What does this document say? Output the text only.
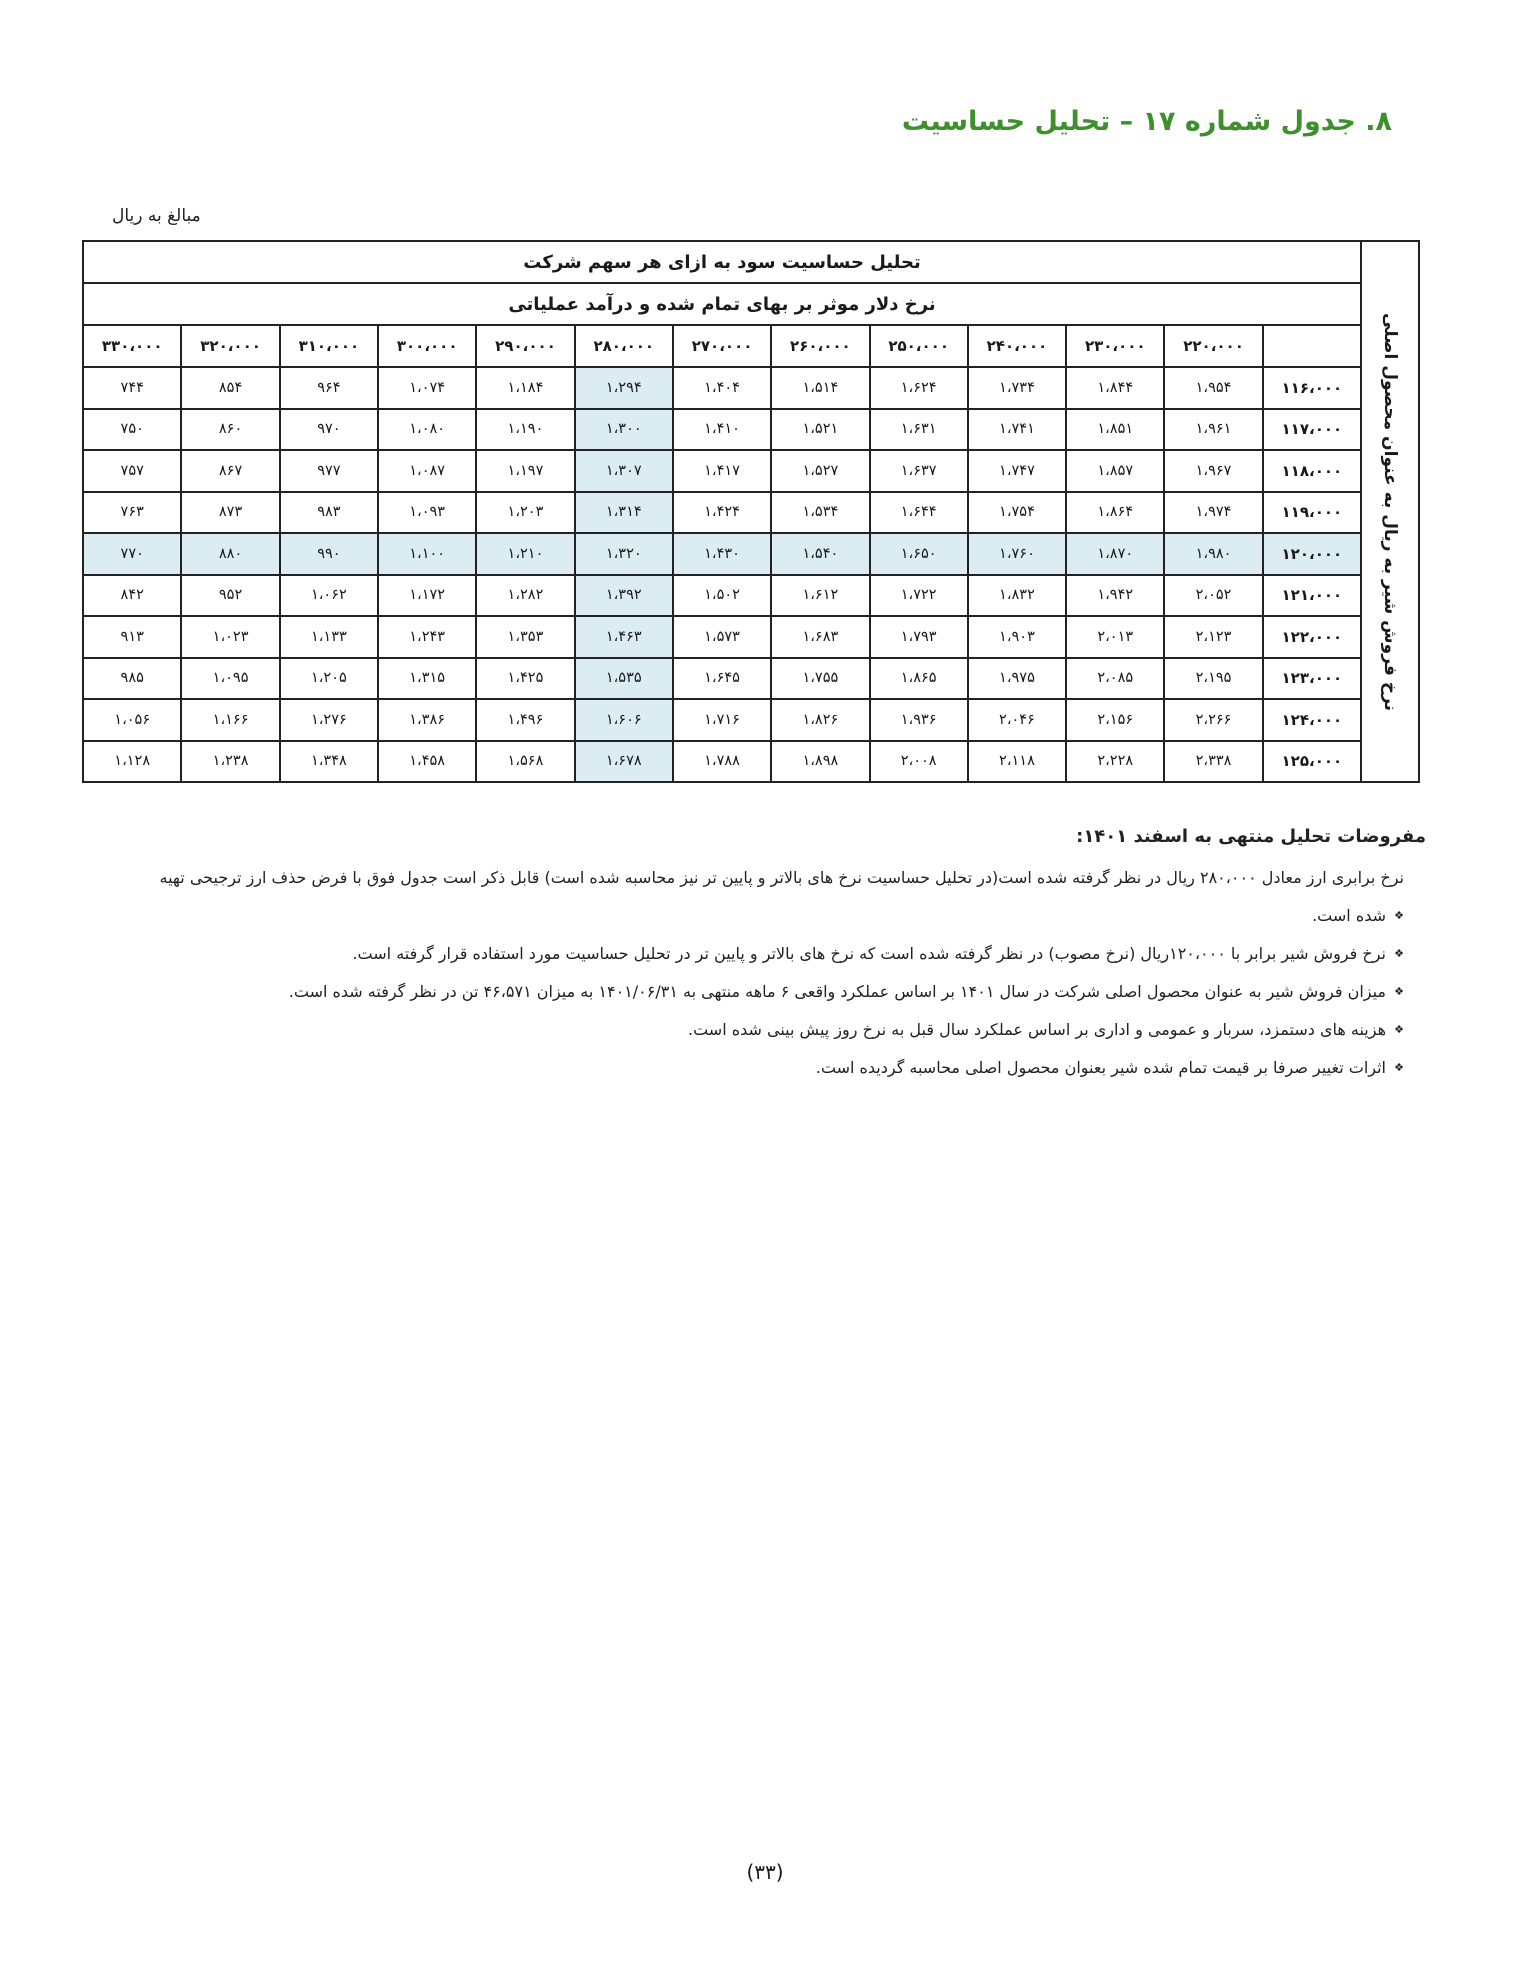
۸. جدول شماره ۱۷ – تحلیل حساسیت
مبالغ به ریال
نرخ فروش شیر به ریال به عنوان محصول اصلی	تحلیل حساسیت سود به ازای هر سهم شرکت												
	نرخ دلار موثر بر بهای تمام شده و درآمد عملیاتی												
		۲۲۰،۰۰۰	۲۳۰،۰۰۰	۲۴۰،۰۰۰	۲۵۰،۰۰۰	۲۶۰،۰۰۰	۲۷۰،۰۰۰	۲۸۰،۰۰۰	۲۹۰،۰۰۰	۳۰۰،۰۰۰	۳۱۰،۰۰۰	۳۲۰،۰۰۰	۳۳۰،۰۰۰
	۱۱۶،۰۰۰	۱،۹۵۴	۱،۸۴۴	۱،۷۳۴	۱،۶۲۴	۱،۵۱۴	۱،۴۰۴	۱،۲۹۴	۱،۱۸۴	۱،۰۷۴	۹۶۴	۸۵۴	۷۴۴
	۱۱۷،۰۰۰	۱،۹۶۱	۱،۸۵۱	۱،۷۴۱	۱،۶۳۱	۱،۵۲۱	۱،۴۱۰	۱،۳۰۰	۱،۱۹۰	۱،۰۸۰	۹۷۰	۸۶۰	۷۵۰
	۱۱۸،۰۰۰	۱،۹۶۷	۱،۸۵۷	۱،۷۴۷	۱،۶۳۷	۱،۵۲۷	۱،۴۱۷	۱،۳۰۷	۱،۱۹۷	۱،۰۸۷	۹۷۷	۸۶۷	۷۵۷
	۱۱۹،۰۰۰	۱،۹۷۴	۱،۸۶۴	۱،۷۵۴	۱،۶۴۴	۱،۵۳۴	۱،۴۲۴	۱،۳۱۴	۱،۲۰۳	۱،۰۹۳	۹۸۳	۸۷۳	۷۶۳
	۱۲۰،۰۰۰	۱،۹۸۰	۱،۸۷۰	۱،۷۶۰	۱،۶۵۰	۱،۵۴۰	۱،۴۳۰	۱،۳۲۰	۱،۲۱۰	۱،۱۰۰	۹۹۰	۸۸۰	۷۷۰
	۱۲۱،۰۰۰	۲،۰۵۲	۱،۹۴۲	۱،۸۳۲	۱،۷۲۲	۱،۶۱۲	۱،۵۰۲	۱،۳۹۲	۱،۲۸۲	۱،۱۷۲	۱،۰۶۲	۹۵۲	۸۴۲
	۱۲۲،۰۰۰	۲،۱۲۳	۲،۰۱۳	۱،۹۰۳	۱،۷۹۳	۱،۶۸۳	۱،۵۷۳	۱،۴۶۳	۱،۳۵۳	۱،۲۴۳	۱،۱۳۳	۱،۰۲۳	۹۱۳
	۱۲۳،۰۰۰	۲،۱۹۵	۲،۰۸۵	۱،۹۷۵	۱،۸۶۵	۱،۷۵۵	۱،۶۴۵	۱،۵۳۵	۱،۴۲۵	۱،۳۱۵	۱،۲۰۵	۱،۰۹۵	۹۸۵
	۱۲۴،۰۰۰	۲،۲۶۶	۲،۱۵۶	۲،۰۴۶	۱،۹۳۶	۱،۸۲۶	۱،۷۱۶	۱،۶۰۶	۱،۴۹۶	۱،۳۸۶	۱،۲۷۶	۱،۱۶۶	۱،۰۵۶
	۱۲۵،۰۰۰	۲،۳۳۸	۲،۲۲۸	۲،۱۱۸	۲،۰۰۸	۱،۸۹۸	۱،۷۸۸	۱،۶۷۸	۱،۵۶۸	۱،۴۵۸	۱،۳۴۸	۱،۲۳۸	۱،۱۲۸
مفروضات تحلیل منتهی به اسفند ۱۴۰۱:

نرخ برابری ارز معادل ۲۸۰،۰۰۰ ریال در نظر گرفته شده است(در تحلیل حساسیت نرخ های بالاتر و پایین تر نیز محاسبه شده است) قابل ذکر است جدول فوق با فرض حذف ارز ترجیحی تهیه

❖ شده است.
❖ نرخ فروش شیر برابر با ۱۲۰،۰۰۰ریال (نرخ مصوب) در نظر گرفته شده است که نرخ های بالاتر و پایین تر در تحلیل حساسیت مورد استفاده قرار گرفته است.
❖ میزان فروش شیر به عنوان محصول اصلی شرکت در سال ۱۴۰۱ بر اساس عملکرد واقعی ۶ ماهه منتهی به ۱۴۰۱/۰۶/۳۱ به میزان ۴۶،۵۷۱ تن در نظر گرفته شده است.
❖ هزینه های دستمزد، سربار و عمومی و اداری بر اساس عملکرد سال قبل به نرخ روز پیش بینی شده است.
❖ اثرات تغییر صرفا بر قیمت تمام شده شیر بعنوان محصول اصلی محاسبه گردیده است.
(۳۳)
